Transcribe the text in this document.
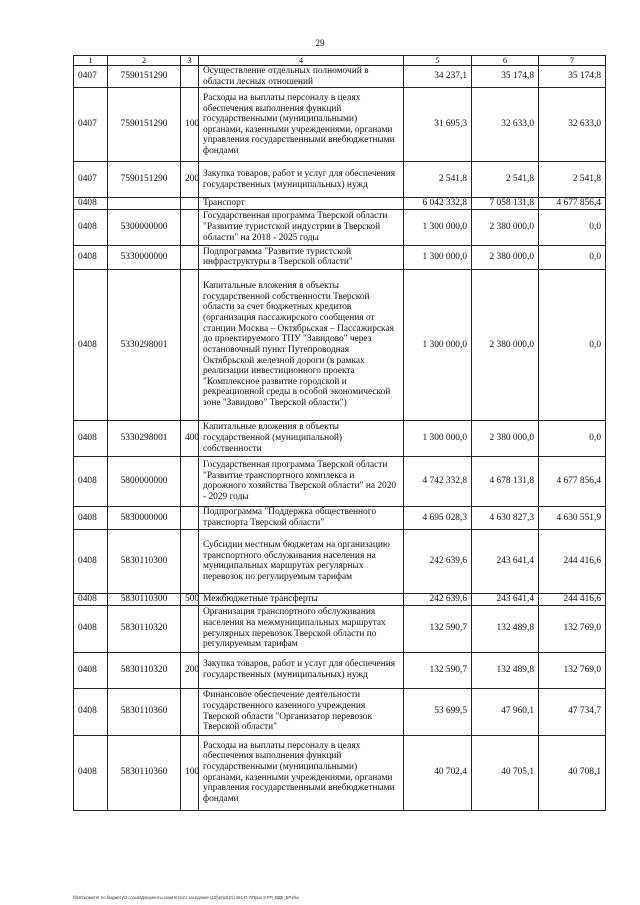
29
1	2	3	4	5	6	7
0407	7590151290		Осуществление отдельных полномочий в области лесных отношений	34 237,1	35 174,8	35 174,8
0407	7590151290	100	Расходы на выплаты персоналу в целях обеспечения выполнения функций государственными (муниципальными) органами, казенными учреждениями, органами управления государственными внебюджетными фондами	31 695,3	32 633,0	32 633,0
0407	7590151290	200	Закупка товаров, работ и услуг для обеспечения государственных (муниципальных) нужд	2 541,8	2 541,8	2 541,8
0408			Транспорт	6 042 332,8	7 058 131,8	4 677 856,4
0408	5300000000		Государственная программа Тверской области "Развитие туристской индустрии в Тверской области" на 2018 - 2025 годы	1 300 000,0	2 380 000,0	0,0
0408	5330000000		Подпрограмма "Развитие туристской инфраструктуры в Тверской области"	1 300 000,0	2 380 000,0	0,0
0408	5330298001		Капитальные вложения в объекты государственной собственности Тверской области за счет бюджетных кредитов (организация пассажирского сообщения от станции Москва – Октябрьская – Пассажирская до проектируемого ТПУ "Завидово" через остановочный пункт Путепроводная Октябрьской железной дороги (в рамках реализации инвестиционного проекта "Комплексное развитие городской и рекреационной среды в особой экономической зоне "Завидово" Тверской области")	1 300 000,0	2 380 000,0	0,0
0408	5330298001	400	Капитальные вложения в объекты государственной (муниципальной) собственности	1 300 000,0	2 380 000,0	0,0
0408	5800000000		Государственная программа Тверской области "Развитие транспортного комплекса и дорожного хозяйства Тверской области" на 2020 - 2029 годы	4 742 332,8	4 678 131,8	4 677 856,4
0408	5830000000		Подпрограмма "Поддержка общественного транспорта Тверской области"	4 695 028,3	4 630 827,3	4 630 551,9
0408	5830110300		Субсидии местным бюджетам на организацию транспортного обслуживания населения на муниципальных маршрутах регулярных перевозок по регулируемым тарифам	242 639,6	243 641,4	244 416,6
0408	5830110300	500	Межбюджетные трансферты	242 639,6	243 641,4	244 416,6
0408	5830110320		Организация транспортного обслуживания населения на межмуниципальных маршрутах регулярных перевозок Тверской области по регулируемым тарифам	132 590,7	132 489,8	132 769,0
0408	5830110320	200	Закупка товаров, работ и услуг для обеспечения государственных (муниципальных) нужд	132 590,7	132 489,8	132 769,0
0408	5830110360		Финансовое обеспечение деятельности государственного казенного учреждения Тверской области "Организатор перевозок Тверской области"	53 699,5	47 960,1	47 734,7
0408	5830110360	100	Расходы на выплаты персоналу в целях обеспечения выполнения функций государственными (муниципальными) органами, казенными учреждениями, органами управления государственными внебюджетными фондами	40 702,4	40 705,1	40 708,1
\\fs01\комитет по бюджету\3 созыв\Документы комитета\21 заседание (12)\pr\pr(21) 161-П-7\Прил 8 РП_ВДЕ_БР.xlsx
